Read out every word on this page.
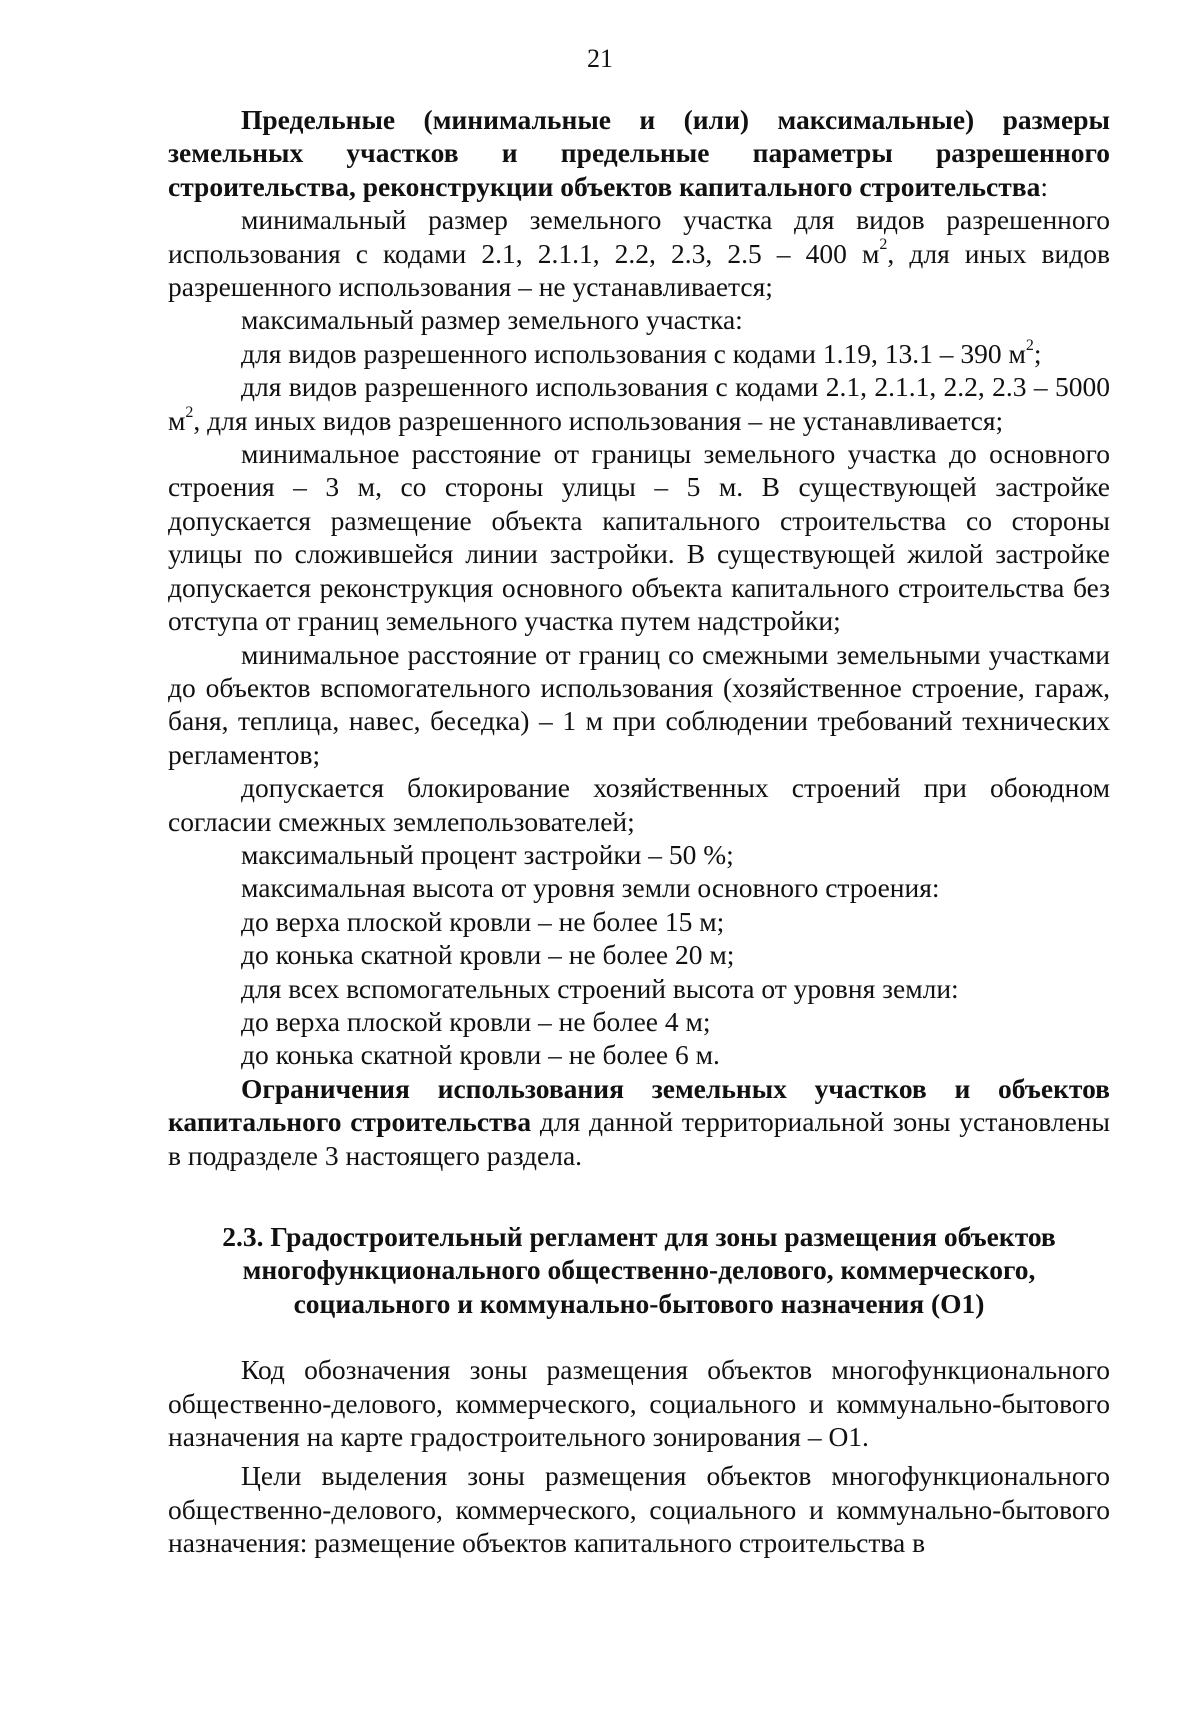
21

Предельные (минимальные и (или) максимальные) размеры земельных участков и предельные параметры разрешенного строительства, реконструкции объектов капитального строительства:

минимальный размер земельного участка для видов разрешенного использования с кодами 2.1, 2.1.1, 2.2, 2.3, 2.5 – 400 $м^2$, для иных видов разрешенного использования – не устанавливается;

максимальный размер земельного участка:

для видов разрешенного использования с кодами 1.19, 13.1 – 390 $м^2$;

для видов разрешенного использования с кодами 2.1, 2.1.1, 2.2, 2.3 – 5000 $м^2$, для иных видов разрешенного использования – не устанавливается;

минимальное расстояние от границы земельного участка до основного строения – 3 м, со стороны улицы – 5 м. В существующей застройке допускается размещение объекта капитального строительства со стороны улицы по сложившейся линии застройки. В существующей жилой застройке допускается реконструкция основного объекта капитального строительства без отступа от границ земельного участка путем надстройки;

минимальное расстояние от границ со смежными земельными участками до объектов вспомогательного использования (хозяйственное строение, гараж, баня, теплица, навес, беседка) – 1 м при соблюдении требований технических регламентов;

допускается блокирование хозяйственных строений при обоюдном согласии смежных землепользователей;

максимальный процент застройки – 50 %;

максимальная высота от уровня земли основного строения:

до верха плоской кровли – не более 15 м;

до конька скатной кровли – не более 20 м;

для всех вспомогательных строений высота от уровня земли:

до верха плоской кровли – не более 4 м;

до конька скатной кровли – не более 6 м.

Ограничения использования земельных участков и объектов капитального строительства для данной территориальной зоны установлены в подразделе 3 настоящего раздела.

2.3. Градостроительный регламент для зоны размещения объектов
многофункционального общественно-делового, коммерческого,
социального и коммунально-бытового назначения (О1)

Код обозначения зоны размещения объектов многофункционального общественно-делового, коммерческого, социального и коммунально-бытового назначения на карте градостроительного зонирования – О1.

Цели выделения зоны размещения объектов многофункционального общественно-делового, коммерческого, социального и коммунально-бытового назначения: размещение объектов капитального строительства в
